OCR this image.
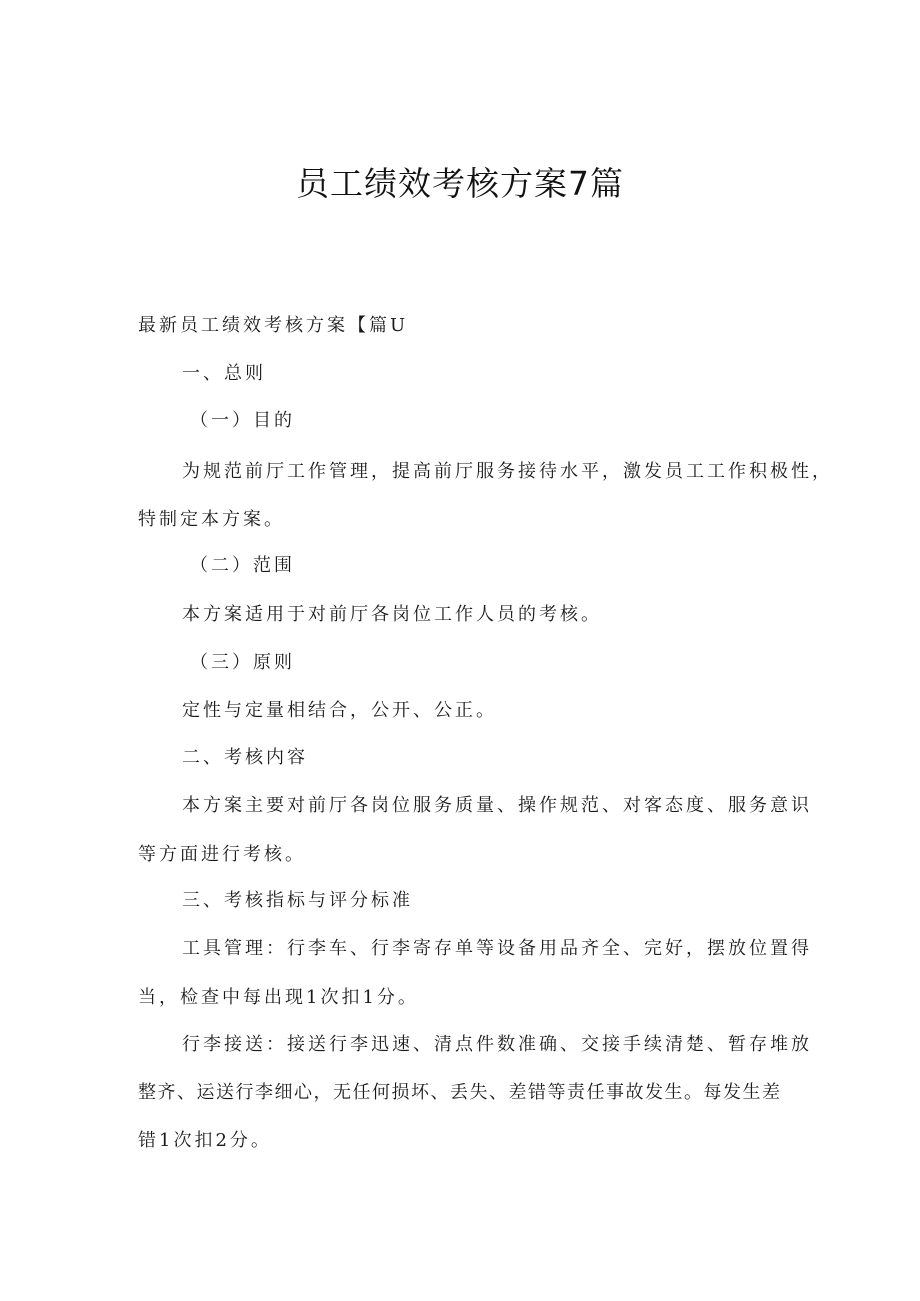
员工绩效考核方案7篇

最新员工绩效考核方案【篇U

一、总则

（一）目的

为规范前厅工作管理，提高前厅服务接待水平，激发员工工作积极性，

特制定本方案。

（二）范围

本方案适用于对前厅各岗位工作人员的考核。

（三）原则

定性与定量相结合，公开、公正。

二、考核内容

本方案主要对前厅各岗位服务质量、操作规范、对客态度、服务意识

等方面进行考核。

三、考核指标与评分标准

工具管理：行李车、行李寄存单等设备用品齐全、完好，摆放位置得

当，检查中每出现1次扣1分。

行李接送：接送行李迅速、清点件数准确、交接手续清楚、暂存堆放

整齐、运送行李细心，无任何损坏、丢失、差错等责任事故发生。每发生差

错1次扣2分。
